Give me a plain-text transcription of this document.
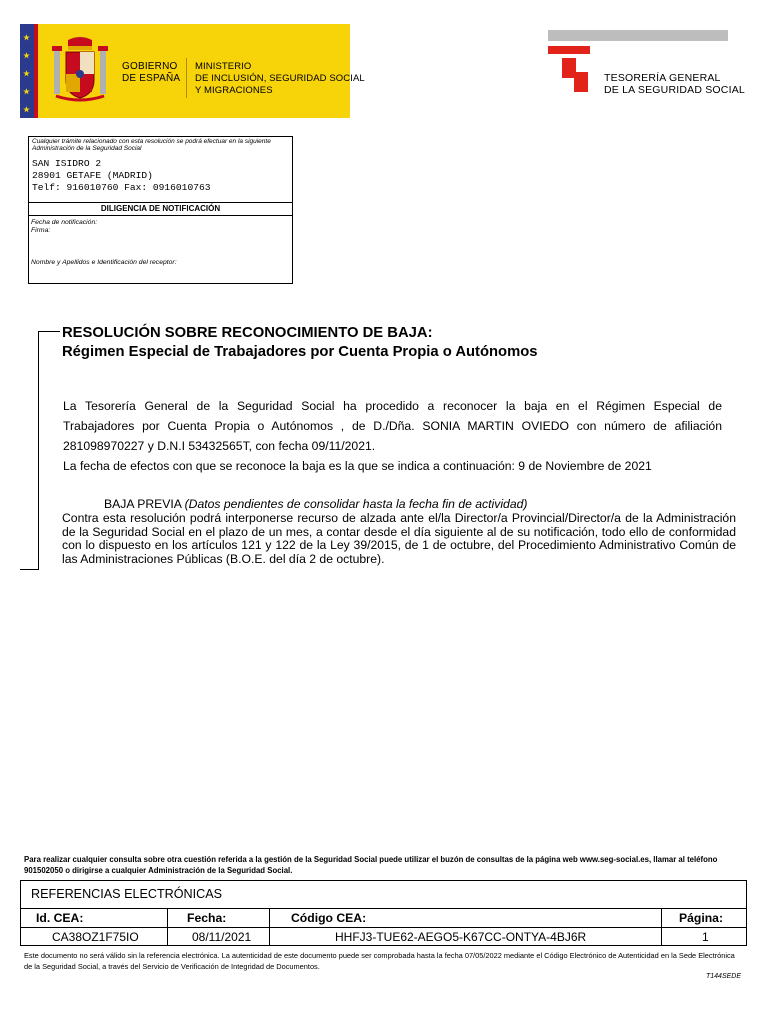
GOBIERNO
DE ESPAÑA
MINISTERIO
DE INCLUSIÓN, SEGURIDAD SOCIAL
Y MIGRACIONES
TESORERÍA GENERAL
DE LA SEGURIDAD SOCIAL
Cualquier trámite relacionado con esta resolución se podrá efectuar en la siguiente Administración de la Seguridad Social
SAN ISIDRO 2
28901 GETAFE (MADRID)
Telf: 916010760 Fax: 0916010763
DILIGENCIA DE NOTIFICACIÓN
Fecha de notificación:
Firma:
Nombre y Apellidos e Identificación del receptor:
RESOLUCIÓN SOBRE RECONOCIMIENTO DE BAJA:
Régimen Especial de Trabajadores por Cuenta Propia o Autónomos
La Tesorería General de la Seguridad Social ha procedido a reconocer la baja en el Régimen Especial de
Trabajadores por Cuenta Propia o Autónomos , de D./Dña. SONIA MARTIN OVIEDO con número de afiliación
281098970227 y D.N.I 53432565T, con fecha 09/11/2021.
La fecha de efectos con que se reconoce la baja es la que se indica a continuación: 9 de Noviembre de 2021
BAJA PREVIA (Datos pendientes de consolidar hasta la fecha fin de actividad)
Contra esta resolución podrá interponerse recurso de alzada ante el/la Director/a Provincial/Director/a de la Administración de la Seguridad Social en el plazo de un mes, a contar desde el día siguiente al de su notificación, todo ello de conformidad con lo dispuesto en los artículos 121 y 122 de la Ley 39/2015, de 1 de octubre, del Procedimiento Administrativo Común de las Administraciones Públicas (B.O.E. del día 2 de octubre).
Para realizar cualquier consulta sobre otra cuestión referida a la gestión de la Seguridad Social puede utilizar el buzón de consultas de la página web www.seg-social.es, llamar al teléfono 901502050 o dirigirse a cualquier Administración de la Seguridad Social.
REFERENCIAS ELECTRÓNICAS
Id. CEA:	Fecha:	Código CEA:	Página:
CA38OZ1F75IO	08/11/2021	HHFJ3-TUE62-AEGO5-K67CC-ONTYA-4BJ6R	1
Este documento no será válido sin la referencia electrónica. La autenticidad de este documento puede ser comprobada hasta la fecha 07/05/2022 mediante el Código Electrónico de Autenticidad en la Sede Electrónica de la Seguridad Social, a través del Servicio de Verificación de Integridad de Documentos.
T144SEDE
